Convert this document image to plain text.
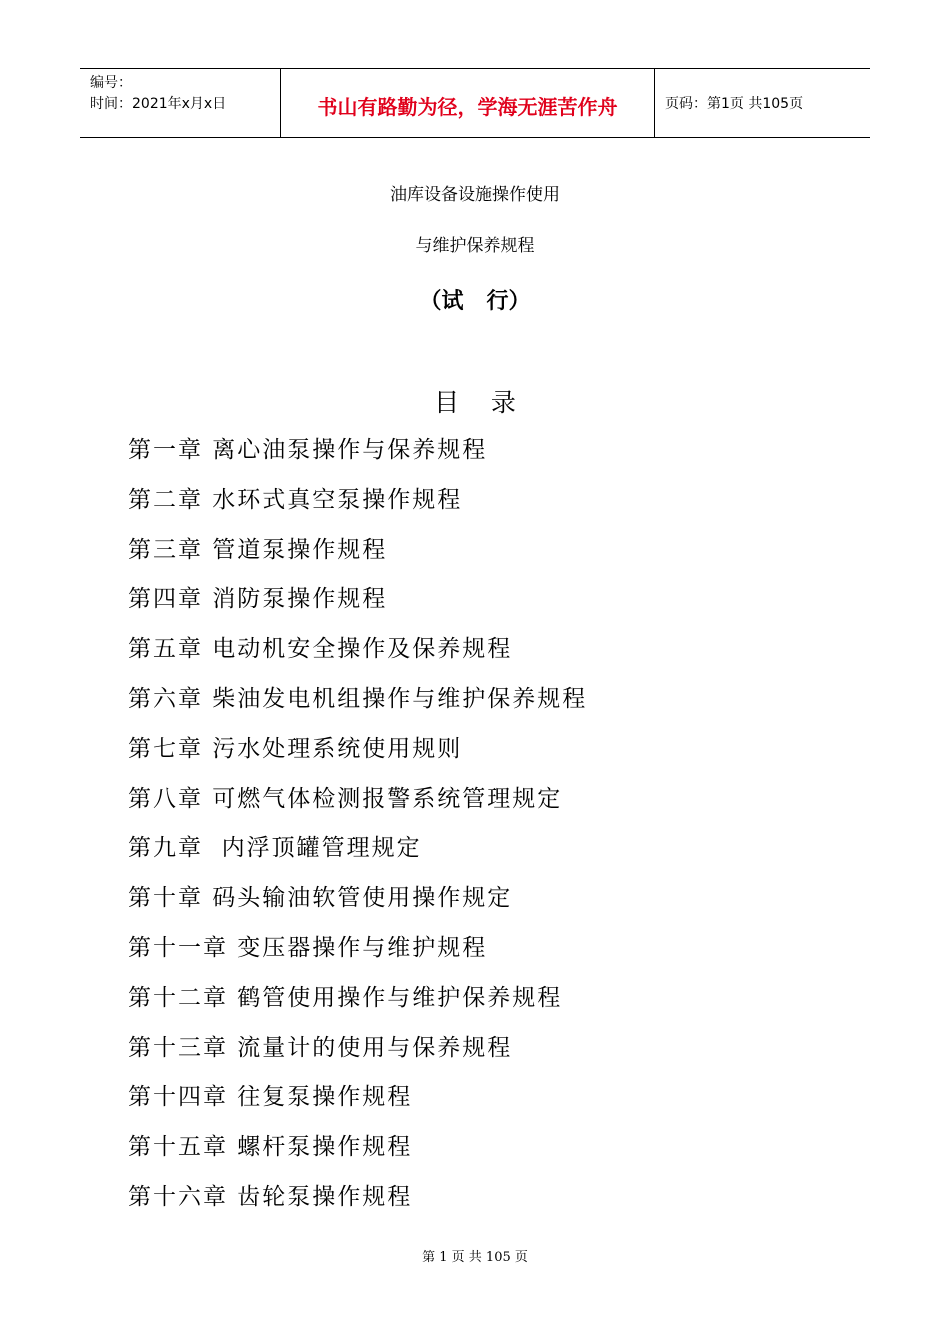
编号：
时间：2021年x月x日	书山有路勤为径，学海无涯苦作舟	页码：第1页 共105页
油库设备设施操作使用
与维护保养规程
（试   行）
目    录
第一章 离心油泵操作与保养规程
第二章 水环式真空泵操作规程
第三章 管道泵操作规程
第四章 消防泵操作规程
第五章 电动机安全操作及保养规程
第六章 柴油发电机组操作与维护保养规程
第七章 污水处理系统使用规则
第八章 可燃气体检测报警系统管理规定
第九章  内浮顶罐管理规定
第十章 码头输油软管使用操作规定
第十一章 变压器操作与维护规程
第十二章 鹤管使用操作与维护保养规程
第十三章 流量计的使用与保养规程
第十四章 往复泵操作规程
第十五章 螺杆泵操作规程
第十六章 齿轮泵操作规程
第 1 页 共 105 页
